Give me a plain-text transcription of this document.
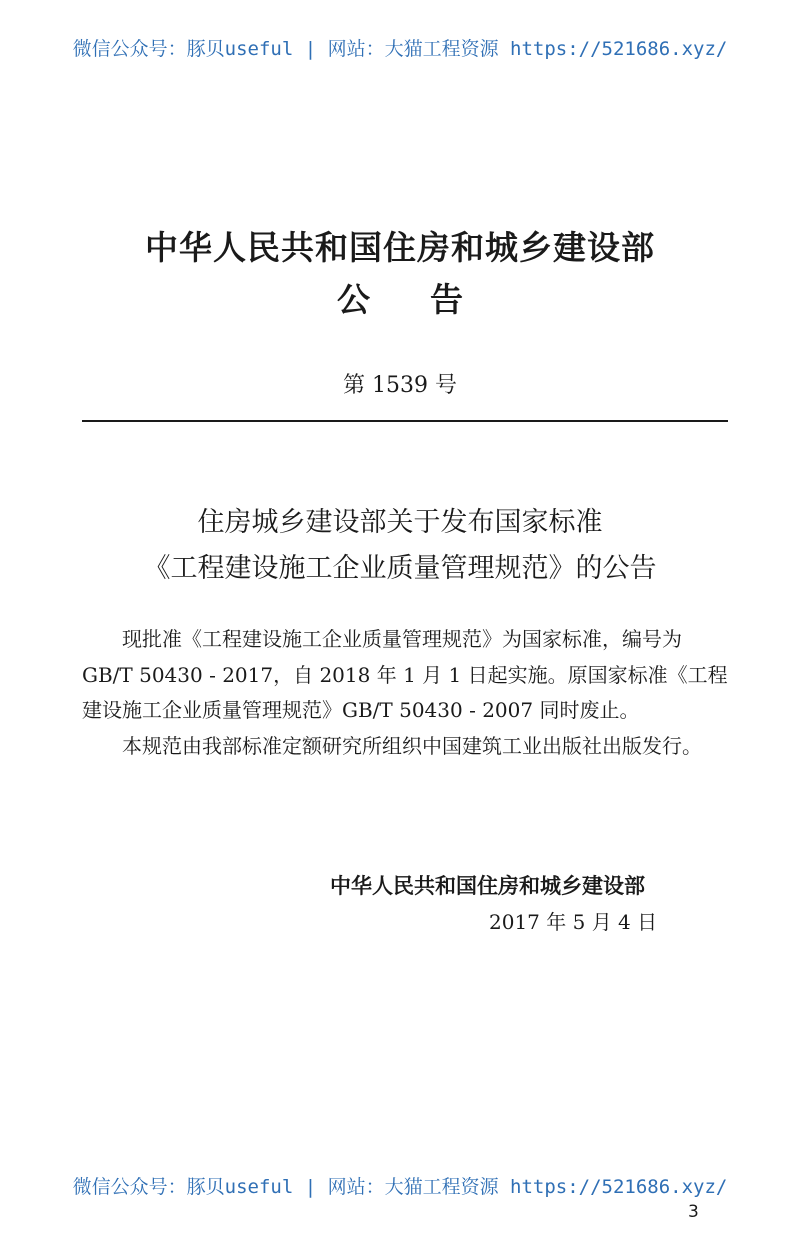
微信公众号：豚贝useful | 网站：大猫工程资源 https://521686.xyz/
中华人民共和国住房和城乡建设部
公告
第 1539 号
住房城乡建设部关于发布国家标准
《工程建设施工企业质量管理规范》的公告

现批准《工程建设施工企业质量管理规范》为国家标准，编号为 GB/T 50430 - 2017，自 2018 年 1 月 1 日起实施。原国家标准《工程建设施工企业质量管理规范》GB/T 50430 - 2007 同时废止。

本规范由我部标准定额研究所组织中国建筑工业出版社出版发行。

中华人民共和国住房和城乡建设部
2017 年 5 月 4 日
微信公众号：豚贝useful | 网站：大猫工程资源 https://521686.xyz/
3
